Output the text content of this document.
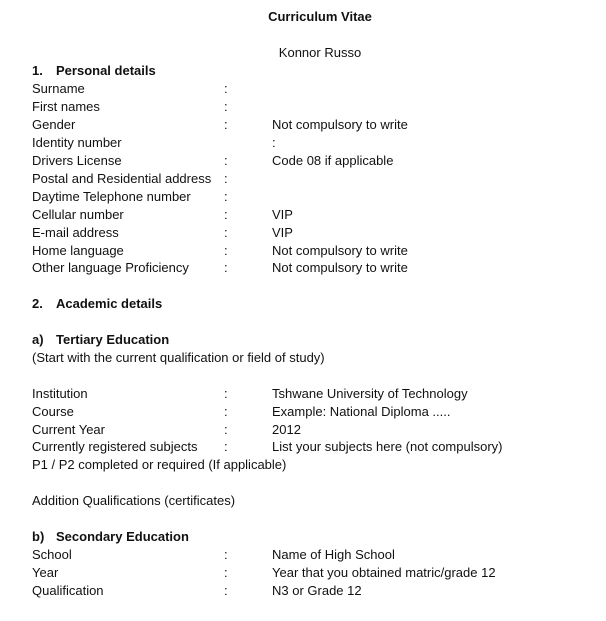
Curriculum Vitae
Konnor Russo
1. Personal details
Surname	:
First names	:
Gender	:	Not compulsory to write
Identity number	:
Drivers License	:	Code 08 if applicable
Postal and Residential address :
Daytime Telephone number	:
Cellular number	:	VIP
E-mail address	:	VIP
Home language	:	Not compulsory to write
Other language Proficiency	:	Not compulsory to write
2. Academic details
a) Tertiary Education
(Start with the current qualification or field of study)
Institution	:	Tshwane University of Technology
Course	:	Example: National Diploma .....
Current Year	:	2012
Currently registered subjects :	List your subjects here (not compulsory)
P1 / P2 completed or required (If applicable)
Addition Qualifications (certificates)
b) Secondary Education
School	:	Name of High School
Year	:	Year that you obtained matric/grade 12
Qualification	:	N3 or Grade 12
